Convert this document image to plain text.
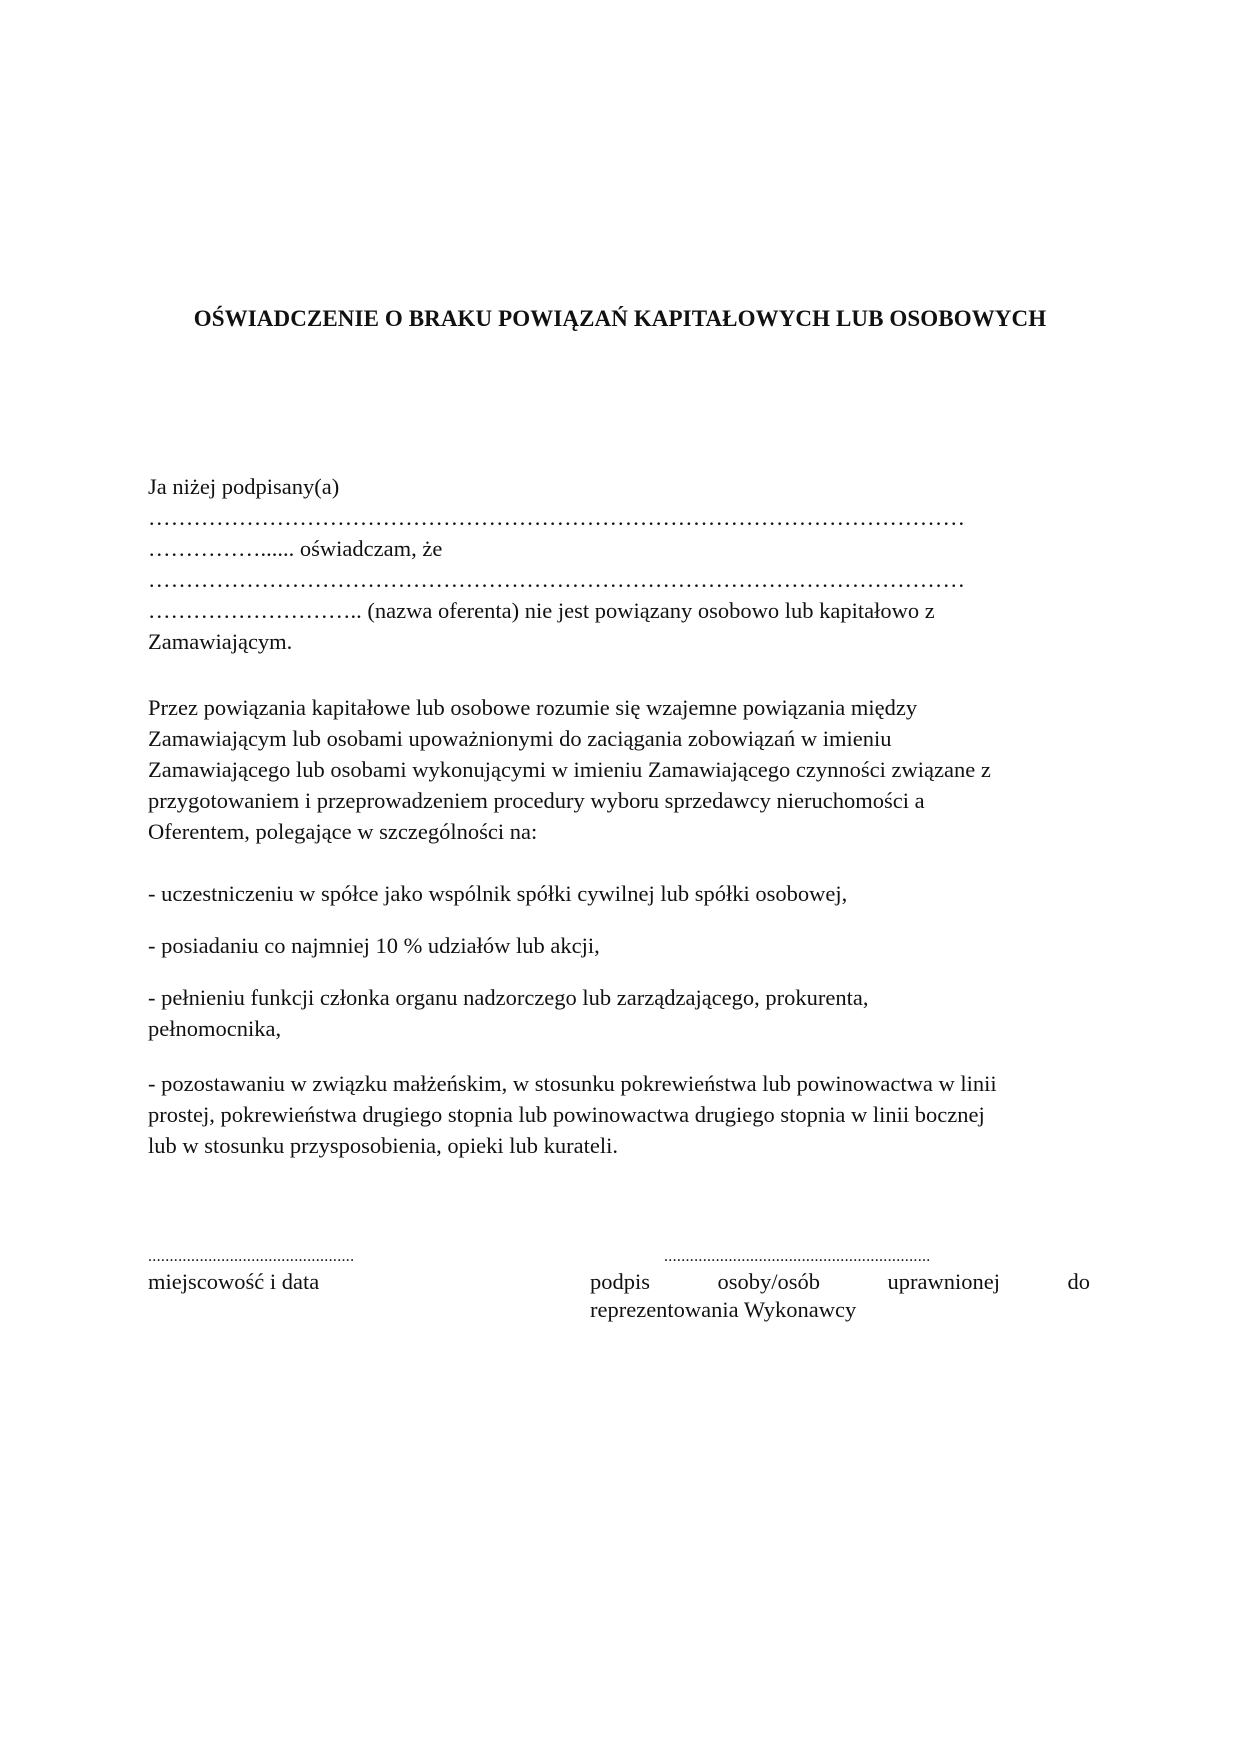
OŚWIADCZENIE O BRAKU POWIĄZAŃ KAPITAŁOWYCH LUB OSOBOWYCH
Ja niżej podpisany(a)
………………………………………………………………………………………………
……………...... oświadczam, że
………………………………………………………………………………………………
……………………….. (nazwa oferenta) nie jest powiązany osobowo lub kapitałowo z
Zamawiającym.
Przez powiązania kapitałowe lub osobowe rozumie się wzajemne powiązania między
Zamawiającym lub osobami upoważnionymi do zaciągania zobowiązań w imieniu
Zamawiającego lub osobami wykonującymi w imieniu Zamawiającego czynności związane z
przygotowaniem i przeprowadzeniem procedury wyboru sprzedawcy nieruchomości a
Oferentem, polegające w szczególności na:
- uczestniczeniu w spółce jako wspólnik spółki cywilnej lub spółki osobowej,
- posiadaniu co najmniej 10 % udziałów lub akcji,
- pełnieniu funkcji członka organu nadzorczego lub zarządzającego, prokurenta,
pełnomocnika,
- pozostawaniu w związku małżeńskim, w stosunku pokrewieństwa lub powinowactwa w linii
prostej, pokrewieństwa drugiego stopnia lub powinowactwa drugiego stopnia w linii bocznej
lub w stosunku przysposobienia, opieki lub kurateli.
................................................
miejscowość i data
..............................................................
podpis	osoby/osób	uprawnionej	do
reprezentowania Wykonawcy
